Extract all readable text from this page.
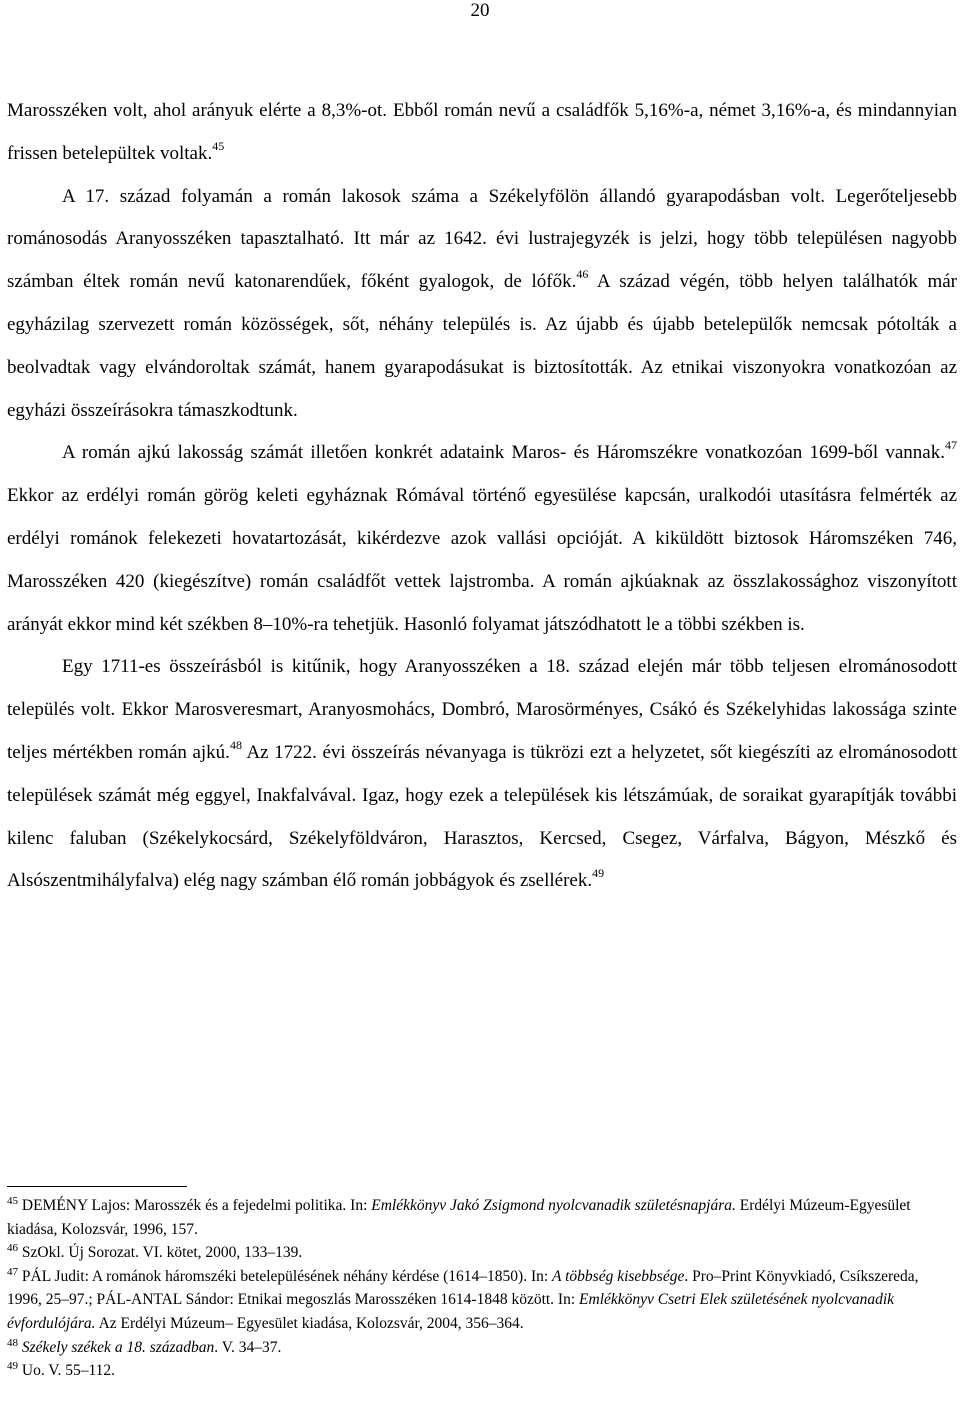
20

Marosszéken volt, ahol arányuk elérte a 8,3%-ot. Ebből román nevű a családfők 5,16%-a, német 3,16%-a, és mindannyian frissen betelepültek voltak.$^{45}$

A 17. század folyamán a román lakosok száma a Székelyfölön állandó gyarapodásban volt. Legerőteljesebb románosodás Aranyosszéken tapasztalható. Itt már az 1642. évi lustrajegyzék is jelzi, hogy több településen nagyobb számban éltek román nevű katonarendűek, főként gyalogok, de lófők.$^{46}$ A század végén, több helyen találhatók már egyházilag szervezett román közösségek, sőt, néhány település is. Az újabb és újabb betelepülők nemcsak pótolták a beolvadtak vagy elvándoroltak számát, hanem gyarapodásukat is biztosították. Az etnikai viszonyokra vonatkozóan az egyházi összeírásokra támaszkodtunk.

A román ajkú lakosság számát illetően konkrét adataink Maros- és Háromszékre vonatkozóan 1699-ből vannak.$^{47}$ Ekkor az erdélyi román görög keleti egyháznak Rómával történő egyesülése kapcsán, uralkodói utasításra felmérték az erdélyi románok felekezeti hovatartozását, kikérdezve azok vallási opcióját. A kiküldött biztosok Háromszéken 746, Marosszéken 420 (kiegészítve) román családfőt vettek lajstromba. A román ajkúaknak az összlakossághoz viszonyított arányát ekkor mind két székben 8–10%-ra tehetjük. Hasonló folyamat játszódhatott le a többi székben is.

Egy 1711-es összeírásból is kitűnik, hogy Aranyosszéken a 18. század elején már több teljesen elrománosodott település volt. Ekkor Marosveresmart, Aranyosmohács, Dombró, Marosörményes, Csákó és Székelyhidas lakossága szinte teljes mértékben román ajkú.$^{48}$ Az 1722. évi összeírás névanyaga is tükrözi ezt a helyzetet, sőt kiegészíti az elrománosodott települések számát még eggyel, Inakfalvával. Igaz, hogy ezek a települések kis létszámúak, de soraikat gyarapítják további kilenc faluban (Székelykocsárd, Székelyföldváron, Harasztos, Kercsed, Csegez, Várfalva, Bágyon, Mészkő és Alsószentmihályfalva) elég nagy számban élő román jobbágyok és zsellérek.$^{49}$

$^{45}$ DEMÉNY Lajos: Marosszék és a fejedelmi politika. In: Emlékkönyv Jakó Zsigmond nyolcvanadik születésnapjára. Erdélyi Múzeum-Egyesület kiadása, Kolozsvár, 1996, 157.

$^{46}$ SzOkl. Új Sorozat. VI. kötet, 2000, 133–139.

$^{47}$ PÁL Judit: A románok háromszéki betelepülésének néhány kérdése (1614–1850). In: A többség kisebbsége. Pro–Print Könyvkiadó, Csíkszereda, 1996, 25–97.; PÁL-ANTAL Sándor: Etnikai megoszlás Marosszéken 1614-1848 között. In: Emlékkönyv Csetri Elek születésének nyolcvanadik évfordulójára. Az Erdélyi Múzeum– Egyesület kiadása, Kolozsvár, 2004, 356–364.

$^{48}$ Székely székek a 18. században. V. 34–37.

$^{49}$ Uo. V. 55–112.
